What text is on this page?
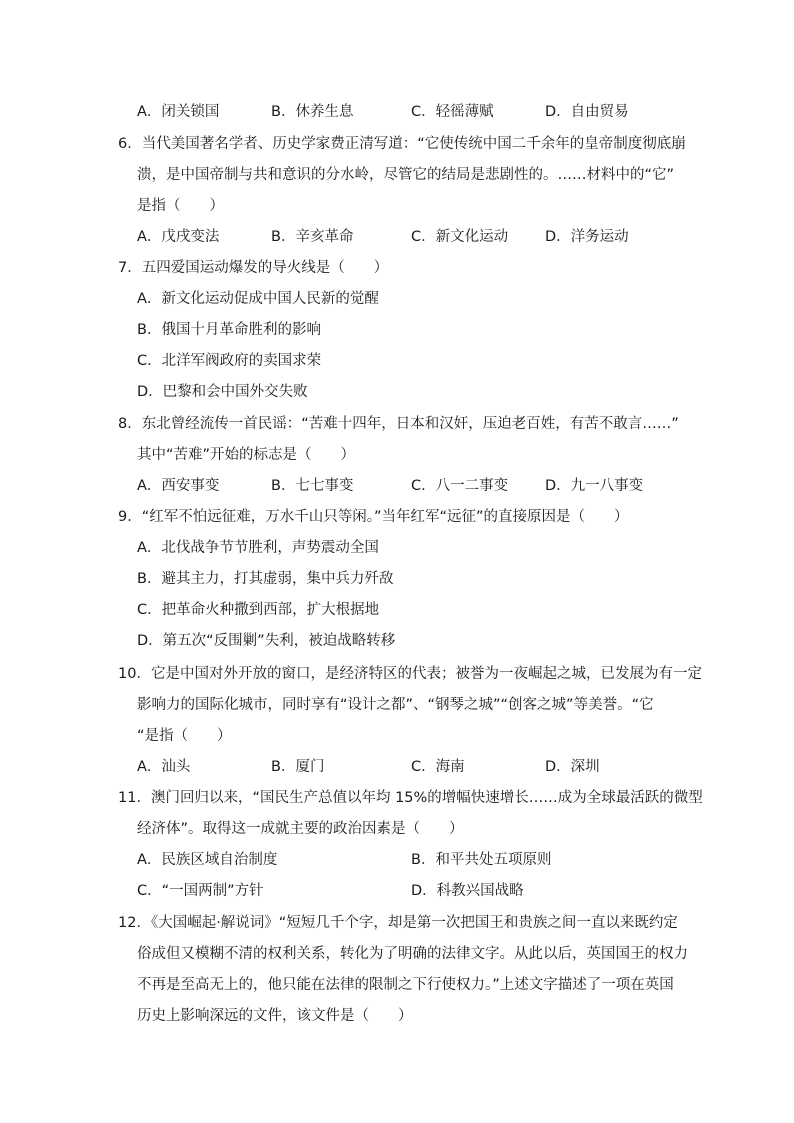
A．闭关锁国	B．休养生息	C．轻徭薄赋	D．自由贸易
6．当代美国著名学者、历史学家费正清写道：“它使传统中国二千余年的皇帝制度彻底崩
溃，是中国帝制与共和意识的分水岭，尽管它的结局是悲剧性的。……材料中的“它”
是指（　　）
A．戊戌变法	B．辛亥革命	C．新文化运动	D．洋务运动
7．五四爱国运动爆发的导火线是（　　）
A．新文化运动促成中国人民新的觉醒
B．俄国十月革命胜利的影响
C．北洋军阀政府的卖国求荣
D．巴黎和会中国外交失败
8．东北曾经流传一首民谣：“苦难十四年，日本和汉奸，压迫老百姓，有苦不敢言……”
其中“苦难”开始的标志是（　　）
A．西安事变	B．七七事变	C．八一二事变	D．九一八事变
9．“红军不怕远征难，万水千山只等闲。”当年红军“远征”的直接原因是（　　）
A．北伐战争节节胜利，声势震动全国
B．避其主力，打其虚弱，集中兵力歼敌
C．把革命火种撒到西部，扩大根据地
D．第五次“反围剿”失利，被迫战略转移
10．它是中国对外开放的窗口，是经济特区的代表；被誉为一夜崛起之城，已发展为有一定
影响力的国际化城市，同时享有“设计之都”、“钢琴之城”“创客之城”等美誉。“它
“是指（　　）
A．汕头	B．厦门	C．海南	D．深圳
11．澳门回归以来，“国民生产总值以年均 15%的增幅快速增长……成为全球最活跃的微型
经济体”。取得这一成就主要的政治因素是（　　）
A．民族区域自治制度	B．和平共处五项原则
C．“一国两制”方针	D．科教兴国战略
12．《大国崛起·解说词》“短短几千个字，却是第一次把国王和贵族之间一直以来既约定
俗成但又模糊不清的权利关系，转化为了明确的法律文字。从此以后，英国国王的权力
不再是至高无上的，他只能在法律的限制之下行使权力。”上述文字描述了一项在英国
历史上影响深远的文件，该文件是（　　）
